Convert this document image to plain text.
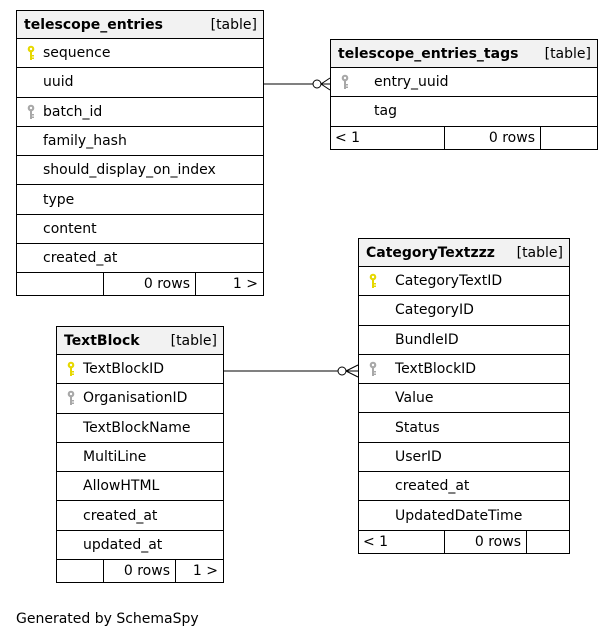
telescope_entries	[table]
sequence
uuid
batch_id
family_hash
should_display_on_index
type
content
created_at
0 rows	1 >
telescope_entries_tags [table]
entry_uuid
tag
< 1	0 rows
CategoryTextzzz [table]
CategoryTextID
CategoryID
BundleID
TextBlockID
Value
Status
UserID
created_at
UpdatedDateTime
< 1	0 rows
TextBlock [table]
TextBlockID
OrganisationID
TextBlockName
MultiLine
AllowHTML
created_at
updated_at
0 rows	1 >
Generated by SchemaSpy
